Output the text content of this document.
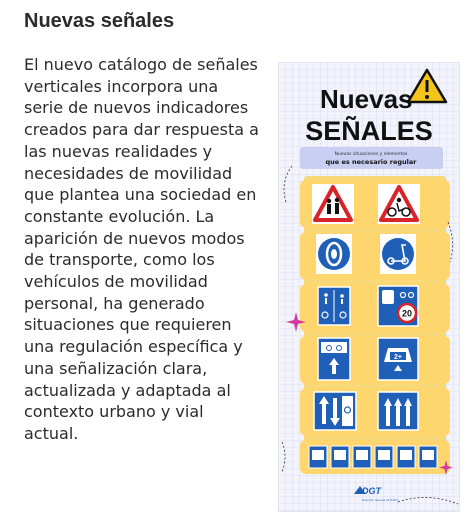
Nuevas señales
El nuevo catálogo de señales verticales incorpora una serie de nuevos indicadores creados para dar respuesta a las nuevas realidades y necesidades de movilidad que plantea una sociedad en constante evolución. La aparición de nuevos modos de transporte, como los vehículos de movilidad personal, ha generado situaciones que requieren una regulación específica y una señalización clara, actualizada y adaptada al contexto urbano y vial actual.
Nuevas
SEÑALES
Nuevas situaciones y elementos
que es necesario regular
20
2+
DGT
Dirección General de Tráfico
